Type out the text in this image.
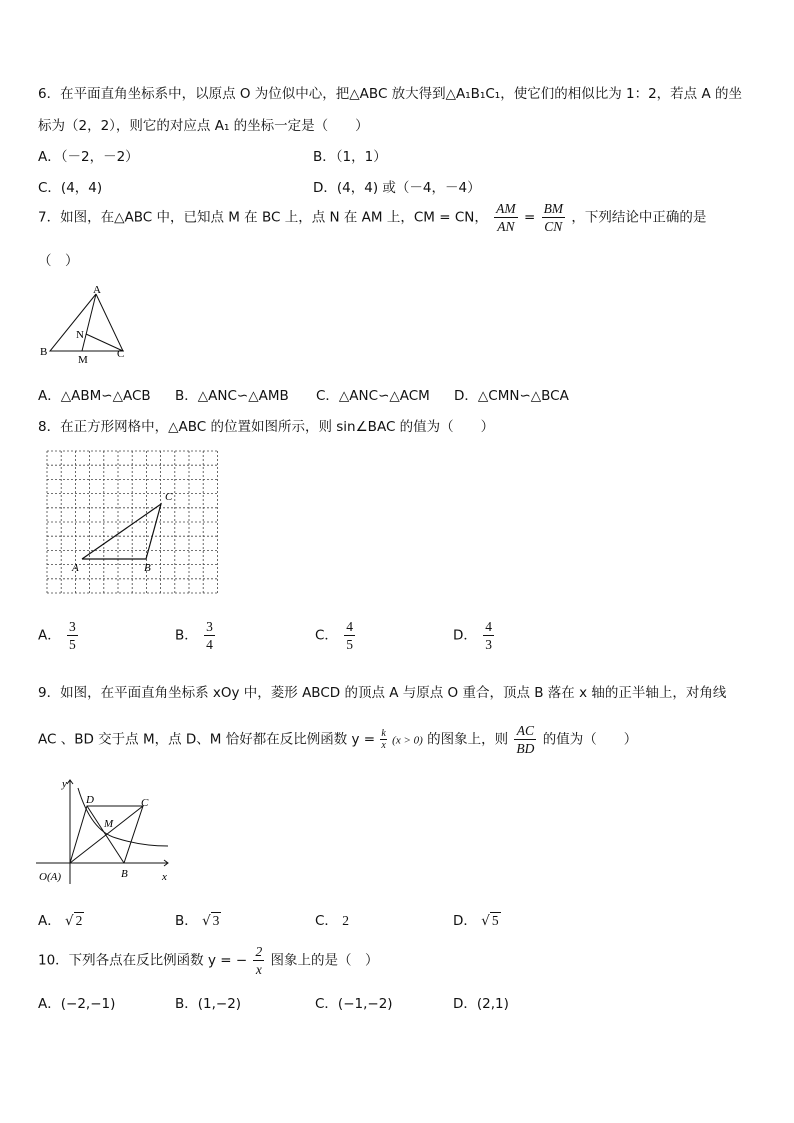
6．在平面直角坐标系中，以原点 O 为位似中心，把△ABC 放大得到△A₁B₁C₁，使它们的相似比为 1：2，若点 A 的坐
标为（2，2），则它的对应点 A₁ 的坐标一定是（　　）
A．（－2，－2）	B．（1，1）
C．(4，4)	D．(4，4) 或（－4，－4）
7．如图，在△ABC 中，已知点 M 在 BC 上，点 N 在 AM 上，CM = CN， $\frac{AM}{AN} = \frac{BM}{CN}$ ，下列结论中正确的是
（　）
A
B
N
M	C
A．△ABM∽△ACB B．△ANC∽△AMB C．△ANC∽△ACM D．△CMN∽△BCA
8．在正方形网格中，△ABC 的位置如图所示，则 sin∠BAC 的值为（　　）
A	B
C
A． $\frac{3}{5}$	B． $\frac{3}{4}$	C． $\frac{4}{5}$	D． $\frac{4}{3}$
9．如图，在平面直角坐标系 xOy 中，菱形 ABCD 的顶点 A 与原点 O 重合，顶点 B 落在 x 轴的正半轴上，对角线
AC 、BD 交于点 M，点 D、M 恰好都在反比例函数 $y = \frac{k}{x} (x > 0)$ 的图象上，则 $\frac{AC}{BD}$ 的值为（　　）
y
D	C
M
O(A)	B	x
A． √ 2	B． √ 3	C． 2	D． √ 5
10．下列各点在反比例函数 y = − $\frac{2}{x}$ 图象上的是（　）
A．(−2,−1)	B．(1,−2)	C．(−1,−2)	D．(2,1)
